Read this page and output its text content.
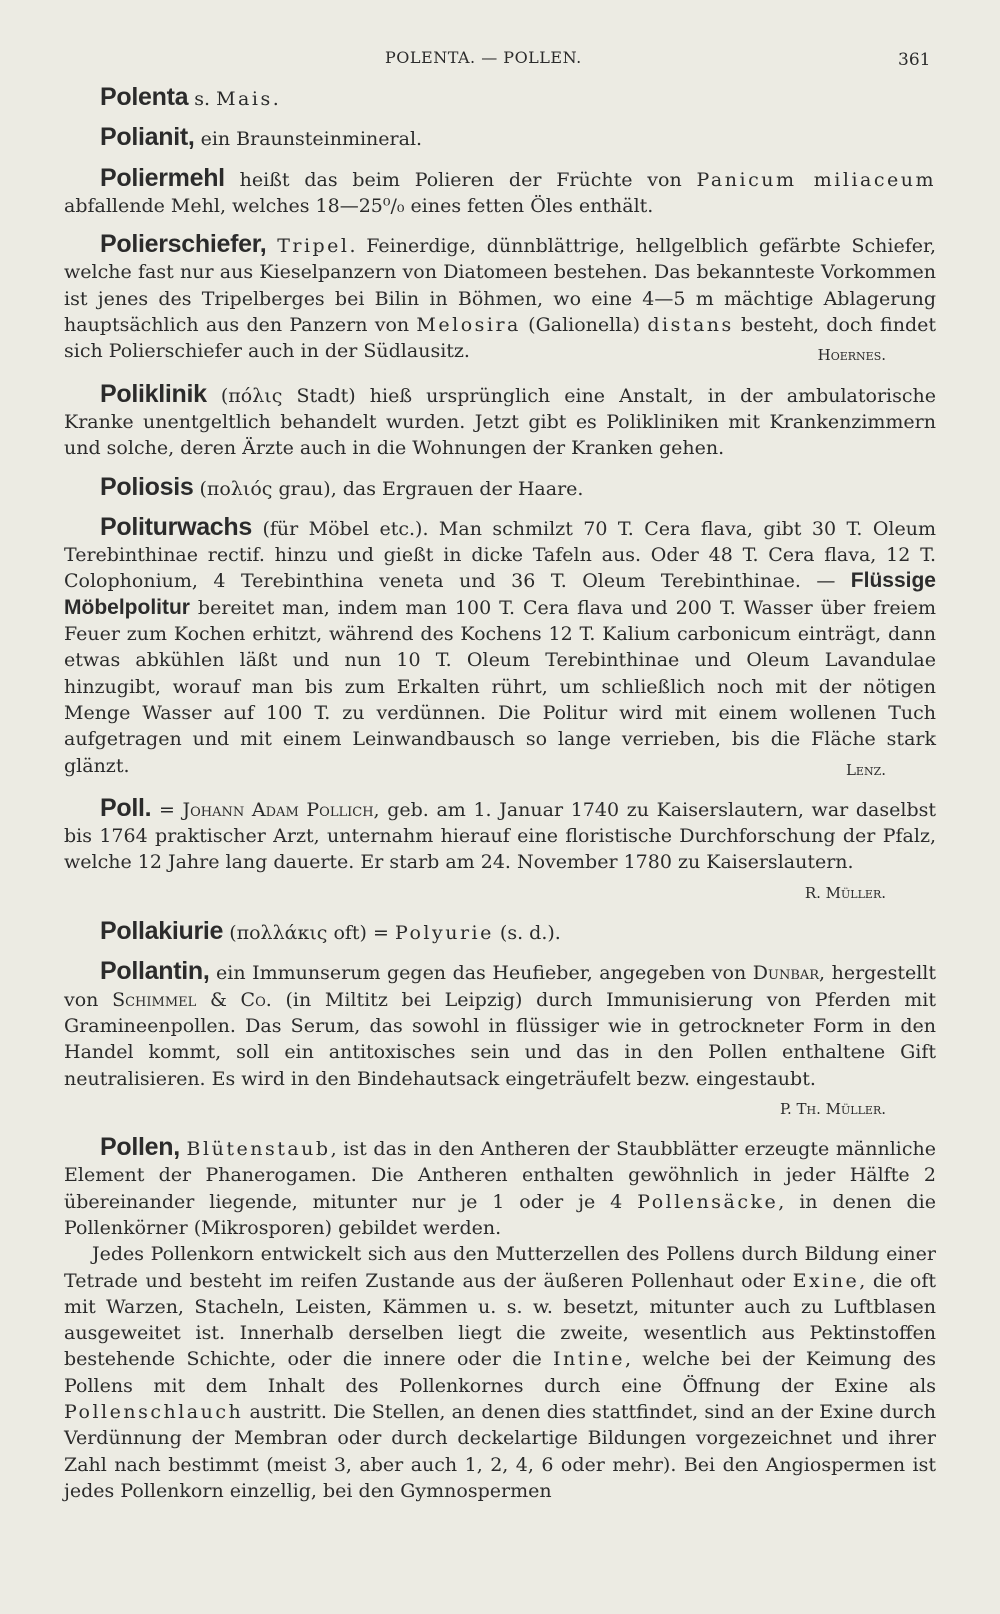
POLENTA. — POLLEN.	361

Polenta s. Mais.

Polianit, ein Braunsteinmineral.

Poliermehl heißt das beim Polieren der Früchte von Panicum miliaceum abfallende Mehl, welches 18—25⁰/₀ eines fetten Öles enthält.

Polierschiefer, Tripel. Feinerdige, dünnblättrige, hellgelblich gefärbte Schiefer, welche fast nur aus Kieselpanzern von Diatomeen bestehen. Das bekannteste Vorkommen ist jenes des Tripelberges bei Bilin in Böhmen, wo eine 4—5 m mächtige Ablagerung hauptsächlich aus den Panzern von Melosira (Galionella) distans besteht, doch findet sich Polierschiefer auch in der Südlausitz.	Hoernes.

Poliklinik (πόλις Stadt) hieß ursprünglich eine Anstalt, in der ambulatorische Kranke unentgeltlich behandelt wurden. Jetzt gibt es Polikliniken mit Krankenzimmern und solche, deren Ärzte auch in die Wohnungen der Kranken gehen.

Poliosis (πολιός grau), das Ergrauen der Haare.

Politurwachs (für Möbel etc.). Man schmilzt 70 T. Cera flava, gibt 30 T. Oleum Terebinthinae rectif. hinzu und gießt in dicke Tafeln aus. Oder 48 T. Cera flava, 12 T. Colophonium, 4 Terebinthina veneta und 36 T. Oleum Terebinthinae. — Flüssige Möbelpolitur bereitet man, indem man 100 T. Cera flava und 200 T. Wasser über freiem Feuer zum Kochen erhitzt, während des Kochens 12 T. Kalium carbonicum einträgt, dann etwas abkühlen läßt und nun 10 T. Oleum Terebinthinae und Oleum Lavandulae hinzugibt, worauf man bis zum Erkalten rührt, um schließlich noch mit der nötigen Menge Wasser auf 100 T. zu verdünnen. Die Politur wird mit einem wollenen Tuch aufgetragen und mit einem Leinwandbausch so lange verrieben, bis die Fläche stark glänzt.	Lenz.

Poll. = Johann Adam Pollich, geb. am 1. Januar 1740 zu Kaiserslautern, war daselbst bis 1764 praktischer Arzt, unternahm hierauf eine floristische Durchforschung der Pfalz, welche 12 Jahre lang dauerte. Er starb am 24. November 1780 zu Kaiserslautern.
R. Müller.

Pollakiurie (πολλάκις oft) = Polyurie (s. d.).

Pollantin, ein Immunserum gegen das Heufieber, angegeben von Dunbar, hergestellt von Schimmel & Co. (in Miltitz bei Leipzig) durch Immunisierung von Pferden mit Gramineenpollen. Das Serum, das sowohl in flüssiger wie in getrockneter Form in den Handel kommt, soll ein antitoxisches sein und das in den Pollen enthaltene Gift neutralisieren. Es wird in den Bindehautsack eingeträufelt bezw. eingestaubt.
P. Th. Müller.

Pollen, Blütenstaub, ist das in den Antheren der Staubblätter erzeugte männliche Element der Phanerogamen. Die Antheren enthalten gewöhnlich in jeder Hälfte 2 übereinander liegende, mitunter nur je 1 oder je 4 Pollensäcke, in denen die Pollenkörner (Mikrosporen) gebildet werden.

Jedes Pollenkorn entwickelt sich aus den Mutterzellen des Pollens durch Bildung einer Tetrade und besteht im reifen Zustande aus der äußeren Pollenhaut oder Exine, die oft mit Warzen, Stacheln, Leisten, Kämmen u. s. w. besetzt, mitunter auch zu Luftblasen ausgeweitet ist. Innerhalb derselben liegt die zweite, wesentlich aus Pektinstoffen bestehende Schichte, oder die innere oder die Intine, welche bei der Keimung des Pollens mit dem Inhalt des Pollenkornes durch eine Öffnung der Exine als Pollenschlauch austritt. Die Stellen, an denen dies stattfindet, sind an der Exine durch Verdünnung der Membran oder durch deckelartige Bildungen vorgezeichnet und ihrer Zahl nach bestimmt (meist 3, aber auch 1, 2, 4, 6 oder mehr). Bei den Angiospermen ist jedes Pollenkorn einzellig, bei den Gymnospermen
